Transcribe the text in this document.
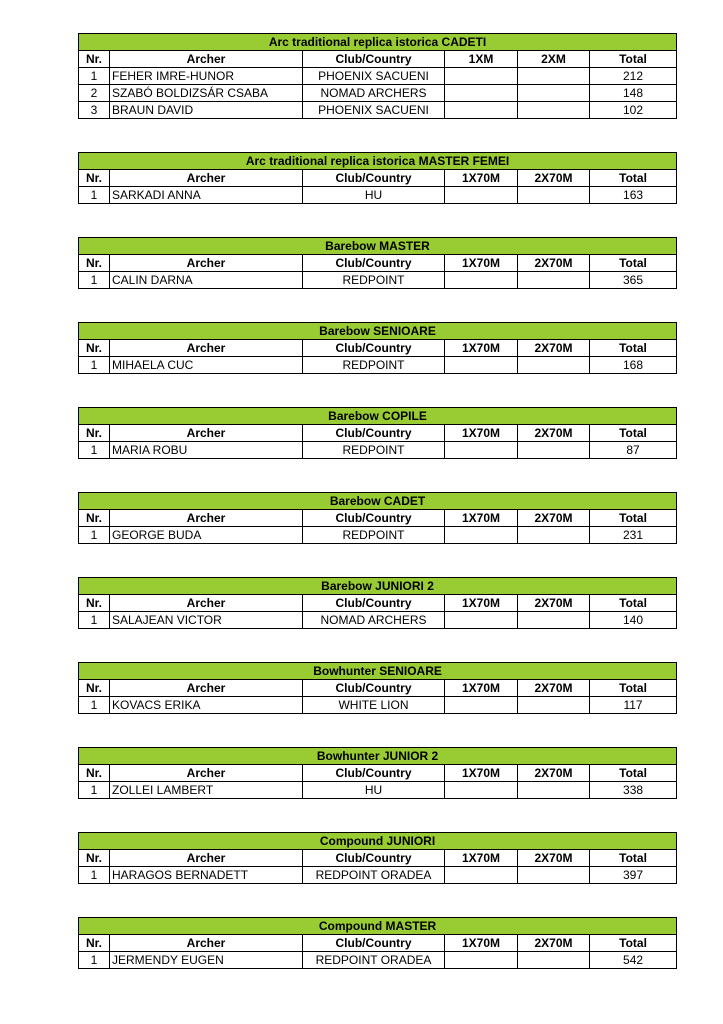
Arc traditional replica istorica CADETI					
Nr.	Archer	Club/Country	1XM	2XM	Total
1	FEHER IMRE-HUNOR	PHOENIX SACUENI			212
2	SZABÓ BOLDIZSÁR CSABA	NOMAD ARCHERS			148
3	BRAUN DAVID	PHOENIX SACUENI			102
Arc traditional replica istorica MASTER FEMEI					
Nr.	Archer	Club/Country	1X70M	2X70M	Total
1	SARKADI ANNA	HU			163
Barebow MASTER					
Nr.	Archer	Club/Country	1X70M	2X70M	Total
1	CALIN DARNA	REDPOINT			365
Barebow SENIOARE					
Nr.	Archer	Club/Country	1X70M	2X70M	Total
1	MIHAELA CUC	REDPOINT			168
Barebow COPILE					
Nr.	Archer	Club/Country	1X70M	2X70M	Total
1	MARIA ROBU	REDPOINT			87
Barebow CADET					
Nr.	Archer	Club/Country	1X70M	2X70M	Total
1	GEORGE BUDA	REDPOINT			231
Barebow JUNIORI 2					
Nr.	Archer	Club/Country	1X70M	2X70M	Total
1	SALAJEAN VICTOR	NOMAD ARCHERS			140
Bowhunter SENIOARE					
Nr.	Archer	Club/Country	1X70M	2X70M	Total
1	KOVACS ERIKA	WHITE LION			117
Bowhunter JUNIOR 2					
Nr.	Archer	Club/Country	1X70M	2X70M	Total
1	ZOLLEI LAMBERT	HU			338
Compound JUNIORI					
Nr.	Archer	Club/Country	1X70M	2X70M	Total
1	HARAGOS BERNADETT	REDPOINT ORADEA			397
Compound MASTER					
Nr.	Archer	Club/Country	1X70M	2X70M	Total
1	JERMENDY EUGEN	REDPOINT ORADEA			542
